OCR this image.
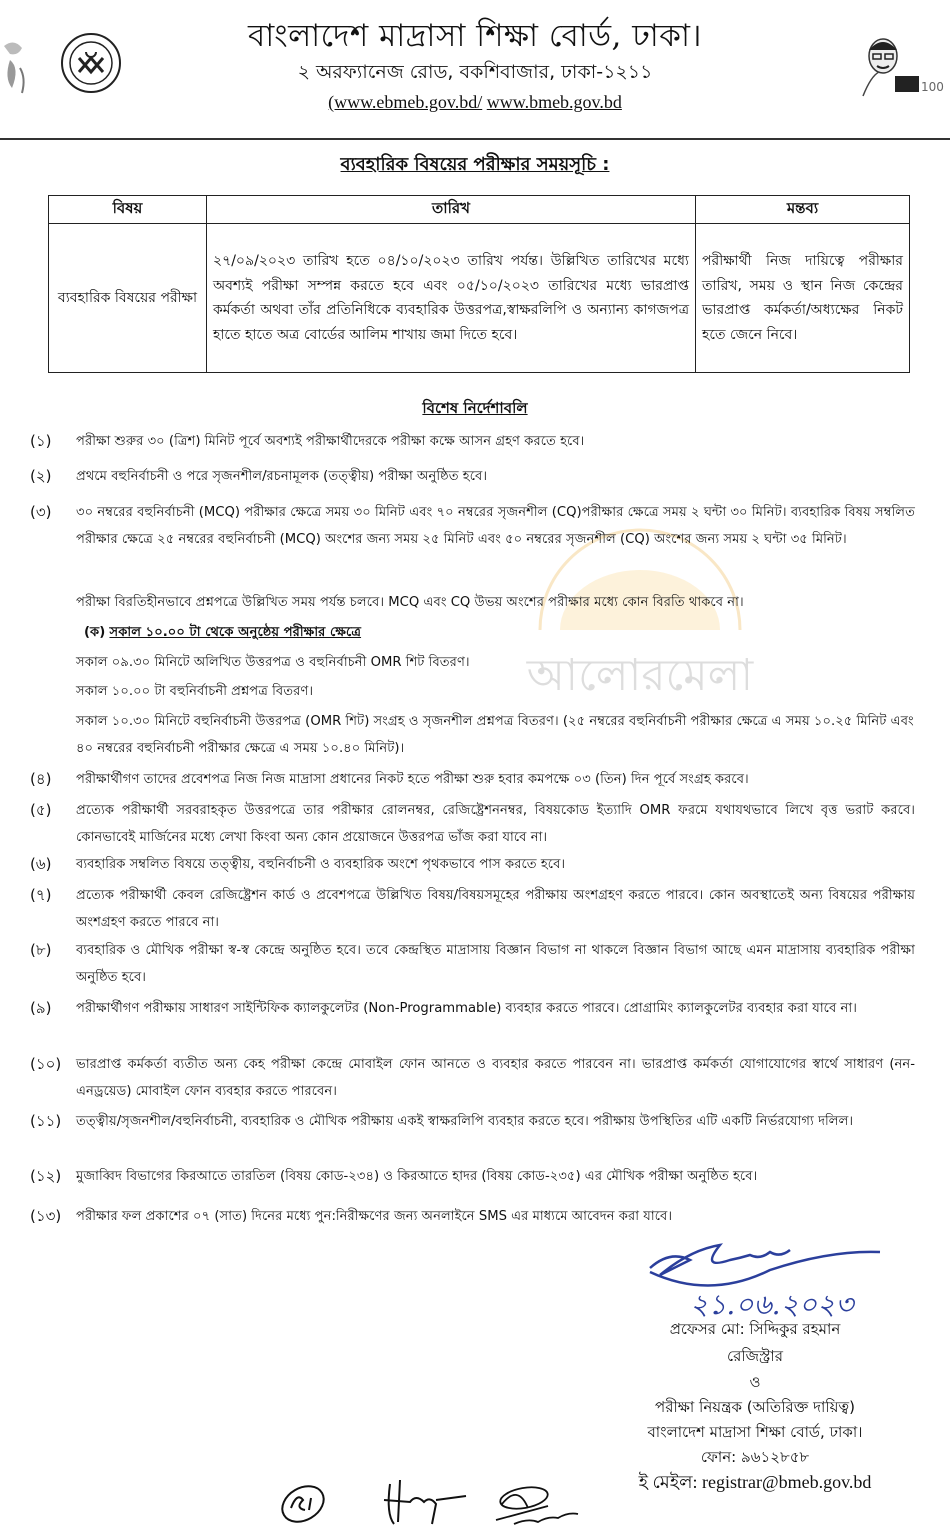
100
বাংলাদেশ মাদ্রাসা শিক্ষা বোর্ড, ঢাকা।
২ অরফ্যানেজ রোড, বকশিবাজার, ঢাকা-১২১১
(www.ebmeb.gov.bd/ www.bmeb.gov.bd
ব্যবহারিক বিষয়ের পরীক্ষার সময়সূচি :
বিষয়	তারিখ	মন্তব্য
ব্যবহারিক বিষয়ের পরীক্ষা	২৭/০৯/২০২৩ তারিখ হতে ০৪/১০/২০২৩ তারিখ পর্যন্ত। উল্লিখিত তারিখের মধ্যে অবশ্যই পরীক্ষা সম্পন্ন করতে হবে এবং ০৫/১০/২০২৩ তারিখের মধ্যে ভারপ্রাপ্ত কর্মকর্তা অথবা তাঁর প্রতিনিধিকে ব্যবহারিক উত্তরপত্র,স্বাক্ষরলিপি ও অন্যান্য কাগজপত্র হাতে হাতে অত্র বোর্ডের আলিম শাখায় জমা দিতে হবে।	পরীক্ষার্থী নিজ দায়িত্বে পরীক্ষার তারিখ, সময় ও স্থান নিজ কেন্দ্রের ভারপ্রাপ্ত কর্মকর্তা/অধ্যক্ষের নিকট হতে জেনে নিবে।
আলোরমেলা
বিশেষ নির্দেশাবলি
(১)	পরীক্ষা শুরুর ৩০ (ত্রিশ) মিনিট পূর্বে অবশ্যই পরীক্ষার্থীদেরকে পরীক্ষা কক্ষে আসন গ্রহণ করতে হবে।
(২)	প্রথমে বহুনির্বাচনী ও পরে সৃজনশীল/রচনামূলক (তত্ত্বীয়) পরীক্ষা অনুষ্ঠিত হবে।
(৩)	৩০ নম্বরের বহুনির্বাচনী (MCQ) পরীক্ষার ক্ষেত্রে সময় ৩০ মিনিট এবং ৭০ নম্বরের সৃজনশীল (CQ)পরীক্ষার ক্ষেত্রে সময় ২ ঘন্টা ৩০ মিনিট। ব্যবহারিক বিষয় সম্বলিত পরীক্ষার ক্ষেত্রে ২৫ নম্বরের বহুনির্বাচনী (MCQ) অংশের জন্য সময় ২৫ মিনিট এবং ৫০ নম্বরের সৃজনশীল (CQ) অংশের জন্য সময় ২ ঘন্টা ৩৫ মিনিট।
পরীক্ষা বিরতিহীনভাবে প্রশ্নপত্রে উল্লিখিত সময় পর্যন্ত চলবে। MCQ এবং CQ উভয় অংশের পরীক্ষার মধ্যে কোন বিরতি থাকবে না।
(ক) সকাল ১০.০০ টা থেকে অনুষ্ঠেয় পরীক্ষার ক্ষেত্রে
সকাল ০৯.৩০ মিনিটে অলিখিত উত্তরপত্র ও বহুনির্বাচনী OMR শিট বিতরণ।
সকাল ১০.০০ টা বহুনির্বাচনী প্রশ্নপত্র বিতরণ।
সকাল ১০.৩০ মিনিটে বহুনির্বাচনী উত্তরপত্র (OMR শিট) সংগ্রহ ও সৃজনশীল প্রশ্নপত্র বিতরণ। (২৫ নম্বরের বহুনির্বাচনী পরীক্ষার ক্ষেত্রে এ সময় ১০.২৫ মিনিট এবং ৪০ নম্বরের বহুনির্বাচনী পরীক্ষার ক্ষেত্রে এ সময় ১০.৪০ মিনিট)।
(৪)	পরীক্ষার্থীগণ তাদের প্রবেশপত্র নিজ নিজ মাদ্রাসা প্রধানের নিকট হতে পরীক্ষা শুরু হবার কমপক্ষে ০৩ (তিন) দিন পূর্বে সংগ্রহ করবে।
(৫)	প্রত্যেক পরীক্ষার্থী সরবরাহকৃত উত্তরপত্রে তার পরীক্ষার রোলনম্বর, রেজিষ্ট্রেশননম্বর, বিষয়কোড ইত্যাদি OMR ফরমে যথাযথভাবে লিখে বৃত্ত ভরাট করবে। কোনভাবেই মার্জিনের মধ্যে লেখা কিংবা অন্য কোন প্রয়োজনে উত্তরপত্র ভাঁজ করা যাবে না।
(৬)	ব্যবহারিক সম্বলিত বিষয়ে তত্ত্বীয়, বহুনির্বাচনী ও ব্যবহারিক অংশে পৃথকভাবে পাস করতে হবে।
(৭)	প্রত্যেক পরীক্ষার্থী কেবল রেজিষ্ট্রেশন কার্ড ও প্রবেশপত্রে উল্লিখিত বিষয়/বিষয়সমূহের পরীক্ষায় অংশগ্রহণ করতে পারবে। কোন অবস্থাতেই অন্য বিষয়ের পরীক্ষায় অংশগ্রহণ করতে পারবে না।
(৮)	ব্যবহারিক ও মৌখিক পরীক্ষা স্ব-স্ব কেন্দ্রে অনুষ্ঠিত হবে। তবে কেন্দ্রস্থিত মাদ্রাসায় বিজ্ঞান বিভাগ না থাকলে বিজ্ঞান বিভাগ আছে এমন মাদ্রাসায় ব্যবহারিক পরীক্ষা অনুষ্ঠিত হবে।
(৯)	পরীক্ষার্থীগণ পরীক্ষায় সাধারণ সাইন্টিফিক ক্যালকুলেটর (Non-Programmable) ব্যবহার করতে পারবে। প্রোগ্রামিং ক্যালকুলেটর ব্যবহার করা যাবে না।
(১০)	ভারপ্রাপ্ত কর্মকর্তা ব্যতীত অন্য কেহ পরীক্ষা কেন্দ্রে মোবাইল ফোন আনতে ও ব্যবহার করতে পারবেন না। ভারপ্রাপ্ত কর্মকর্তা যোগাযোগের স্বার্থে সাধারণ (নন-এনড্রয়েড) মোবাইল ফোন ব্যবহার করতে পারবেন।
(১১)	তত্ত্বীয়/সৃজনশীল/বহুনির্বাচনী, ব্যবহারিক ও মৌখিক পরীক্ষায় একই স্বাক্ষরলিপি ব্যবহার করতে হবে। পরীক্ষায় উপস্থিতির এটি একটি নির্ভরযোগ্য দলিল।
(১২)	মুজাব্বিদ বিভাগের কিরআতে তারতিল (বিষয় কোড-২৩৪) ও কিরআতে হাদর (বিষয় কোড-২৩৫) এর মৌখিক পরীক্ষা অনুষ্ঠিত হবে।
(১৩)	পরীক্ষার ফল প্রকাশের ০৭ (সাত) দিনের মধ্যে পুন:নিরীক্ষণের জন্য অনলাইনে SMS এর মাধ্যমে আবেদন করা যাবে।
২১.০৬.২০২৩
প্রফেসর মো: সিদ্দিকুর রহমান
রেজিস্ট্রার
ও
পরীক্ষা নিয়ন্ত্রক (অতিরিক্ত দায়িত্ব)
বাংলাদেশ মাদ্রাসা শিক্ষা বোর্ড, ঢাকা।
ফোন: ৯৬১২৮৫৮
ই মেইল: registrar@bmeb.gov.bd
